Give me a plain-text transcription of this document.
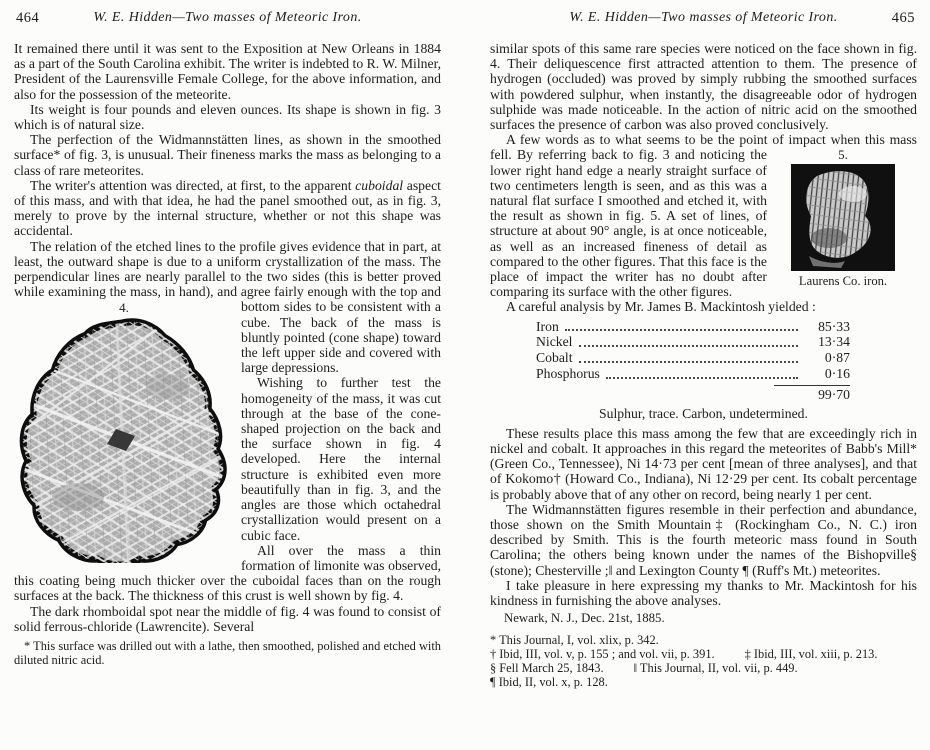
464	W. E. Hidden—Two masses of Meteoric Iron.

It remained there until it was sent to the Exposition at New Orleans in 1884 as a part of the South Carolina exhibit. The writer is indebted to R. W. Milner, President of the Laurensville Female College, for the above information, and also for the possession of the meteorite.

Its weight is four pounds and eleven ounces. Its shape is shown in fig. 3 which is of natural size.

The perfection of the Widmannstätten lines, as shown in the smoothed surface* of fig. 3, is unusual. Their fineness marks the mass as belonging to a class of rare meteorites.

The writer's attention was directed, at first, to the apparent cuboidal aspect of this mass, and with that idea, he had the panel smoothed out, as in fig. 3, merely to prove by the internal structure, whether or not this shape was accidental.

The relation of the etched lines to the profile gives evidence that in part, at least, the outward shape is due to a uniform crystallization of the mass. The perpendicular lines are nearly parallel to the two sides (this is better proved while examining the mass, in hand), and agree fairly enough with the top and
4.	bottom sides to be consistent with a cube. The back of the mass is bluntly pointed (cone shape) toward the left upper side and covered with large depressions.

Wishing to further test the homogeneity of the mass, it was cut through at the base of the cone-shaped projection on the back and the surface shown in fig. 4 developed. Here the internal structure is exhibited even more beautifully than in fig. 3, and the angles are those which octahedral crystallization would present on a cubic face.

All over the mass a thin formation of limonite was observed, this coating being much thicker over the cuboidal faces than on the rough surfaces at the back. The thickness of this crust is well shown by fig. 4.

The dark rhomboidal spot near the middle of fig. 4 was found to consist of solid ferrous-chloride (Lawrencite). Several

* This surface was drilled out with a lathe, then smoothed, polished and etched with diluted nitric acid.

W. E. Hidden—Two masses of Meteoric Iron.	465

similar spots of this same rare species were noticed on the face shown in fig. 4. Their deliquescence first attracted attention to them. The presence of hydrogen (occluded) was proved by simply rubbing the smoothed surfaces with powdered sulphur, when instantly, the disagreeable odor of hydrogen sulphide was made noticeable. In the action of nitric acid on the smoothed surfaces the presence of carbon was also proved conclusively.

A few words as to what seems to be the point of impact when this mass fell. By referring back to fig. 3 and noticing	5.
Laurens Co. iron.
the lower right hand edge a nearly straight surface of two centimeters length is seen, and as this was a natural flat surface I smoothed and etched it, with the result as shown in fig. 5. A set of lines, of structure at about 90° angle, is at once noticeable, as well as an increased fineness of detail as compared to the other figures. That this face is the place of impact the writer has no doubt after comparing its surface with the other figures.

A careful analysis by Mr. James B. Mackintosh yielded :

Iron	85·33
Nickel	13·34
Cobalt	0·87
Phosphorus	0·16
99·70

Sulphur, trace. Carbon, undetermined.

These results place this mass among the few that are exceedingly rich in nickel and cobalt. It approaches in this regard the meteorites of Babb's Mill* (Green Co., Tennessee), Ni 14·73 per cent [mean of three analyses], and that of Kokomo† (Howard Co., Indiana), Ni 12·29 per cent. Its cobalt percentage is probably above that of any other on record, being nearly 1 per cent.

The Widmannstätten figures resemble in their perfection and abundance, those shown on the Smith Mountain‡ (Rockingham Co., N. C.) iron described by Smith. This is the fourth meteoric mass found in South Carolina; the others being known under the names of the Bishopville§ (stone); Chesterville ;‖ and Lexington County ¶ (Ruff's Mt.) meteorites.

I take pleasure in here expressing my thanks to Mr. Mackintosh for his kindness in furnishing the above analyses.

Newark, N. J., Dec. 21st, 1885.

* This Journal, I, vol. xlix, p. 342.
† Ibid, III, vol. v, p. 155 ; and vol. vii, p. 391. ‡ Ibid, III, vol. xiii, p. 213.
§ Fell March 25, 1843. ‖ This Journal, II, vol. vii, p. 449.
¶ Ibid, II, vol. x, p. 128.
